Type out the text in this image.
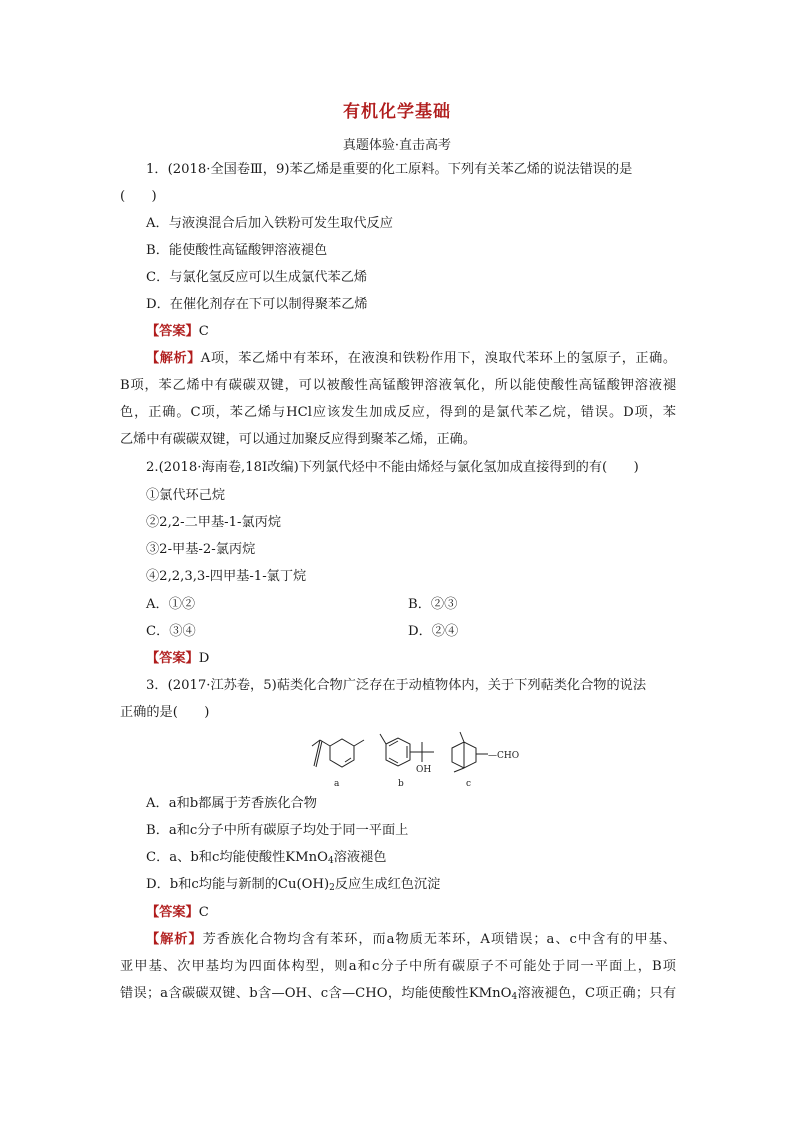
有机化学基础
真题体验·直击高考
1．(2018·全国卷Ⅲ，9)苯乙烯是重要的化工原料。下列有关苯乙烯的说法错误的是
(　　)
A．与液溴混合后加入铁粉可发生取代反应
B．能使酸性高锰酸钾溶液褪色
C．与氯化氢反应可以生成氯代苯乙烯
D．在催化剂存在下可以制得聚苯乙烯
【答案】C
【解析】A项，苯乙烯中有苯环，在液溴和铁粉作用下，溴取代苯环上的氢原子，正确。
B项，苯乙烯中有碳碳双键，可以被酸性高锰酸钾溶液氧化，所以能使酸性高锰酸钾溶液褪
色，正确。C项，苯乙烯与HCl应该发生加成反应，得到的是氯代苯乙烷，错误。D项，苯
乙烯中有碳碳双键，可以通过加聚反应得到聚苯乙烯，正确。
2.(2018·海南卷,18Ⅰ改编)下列氯代烃中不能由烯烃与氯化氢加成直接得到的有(　　)
①氯代环己烷
②2,2-二甲基-1-氯丙烷
③2-甲基-2-氯丙烷
④2,2,3,3-四甲基-1-氯丁烷
A．①②	B．②③
C．③④	D．②④
【答案】D
3．(2017·江苏卷，5)萜类化合物广泛存在于动植物体内，关于下列萜类化合物的说法
正确的是(　　)
a	b
OH
c
—CHO
A．a和b都属于芳香族化合物
B．a和c分子中所有碳原子均处于同一平面上
C．a、b和c均能使酸性KMnO$_4$溶液褪色
D．b和c均能与新制的$Cu(OH)_2$反应生成红色沉淀
【答案】C
【解析】芳香族化合物均含有苯环，而a物质无苯环，A项错误；a、c中含有的甲基、
亚甲基、次甲基均为四面体构型，则a和c分子中所有碳原子不可能处于同一平面上，B项
错误；a含碳碳双键、b含—OH、c含—CHO，均能使酸性KMnO$_4$溶液褪色，C项正确；只有
